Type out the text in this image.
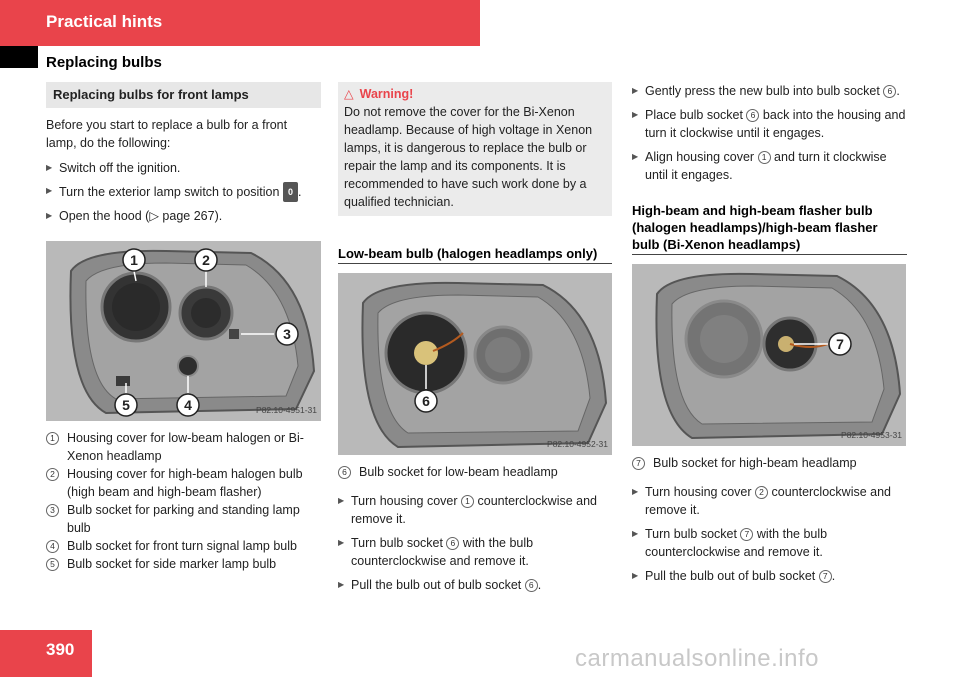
Practical hints
Replacing bulbs
Replacing bulbs for front lamps

Before you start to replace a bulb for a front lamp, do the following:

▶ Switch off the ignition.

▶ Turn the exterior lamp switch to position 0 .

▶ Open the hood (▷ page 267).

1	2
3
4
5	P82.10-4951-31

1 Housing cover for low-beam halogen or Bi-Xenon headlamp

2 Housing cover for high-beam halogen bulb (high beam and high-beam flasher)

3 Bulb socket for parking and standing lamp bulb

4 Bulb socket for front turn signal lamp bulb

5 Bulb socket for side marker lamp bulb

△ Warning!

Do not remove the cover for the Bi-Xenon headlamp. Because of high voltage in Xenon lamps, it is dangerous to replace the bulb or repair the lamp and its components. It is recommended to have such work done by a qualified technician.

Low-beam bulb (halogen headlamps only)
6
P82.10-4952-31

6 Bulb socket for low-beam headlamp

▶ Turn housing cover 1 counterclockwise and remove it.

▶ Turn bulb socket 6 with the bulb counterclockwise and remove it.

▶ Pull the bulb out of bulb socket 6 .

▶ Gently press the new bulb into bulb socket 6 .

▶ Place bulb socket 6 back into the housing and turn it clockwise until it engages.

▶ Align housing cover 1 and turn it clockwise until it engages.

High-beam and high-beam flasher bulb (halogen headlamps)/high-beam flasher bulb (Bi-Xenon headlamps)
7
P82.10-4953-31

7 Bulb socket for high-beam headlamp

▶ Turn housing cover 2 counterclockwise and remove it.

▶ Turn bulb socket 7 with the bulb counterclockwise and remove it.

▶ Pull the bulb out of bulb socket 7 .

390	carmanualsonline.info
